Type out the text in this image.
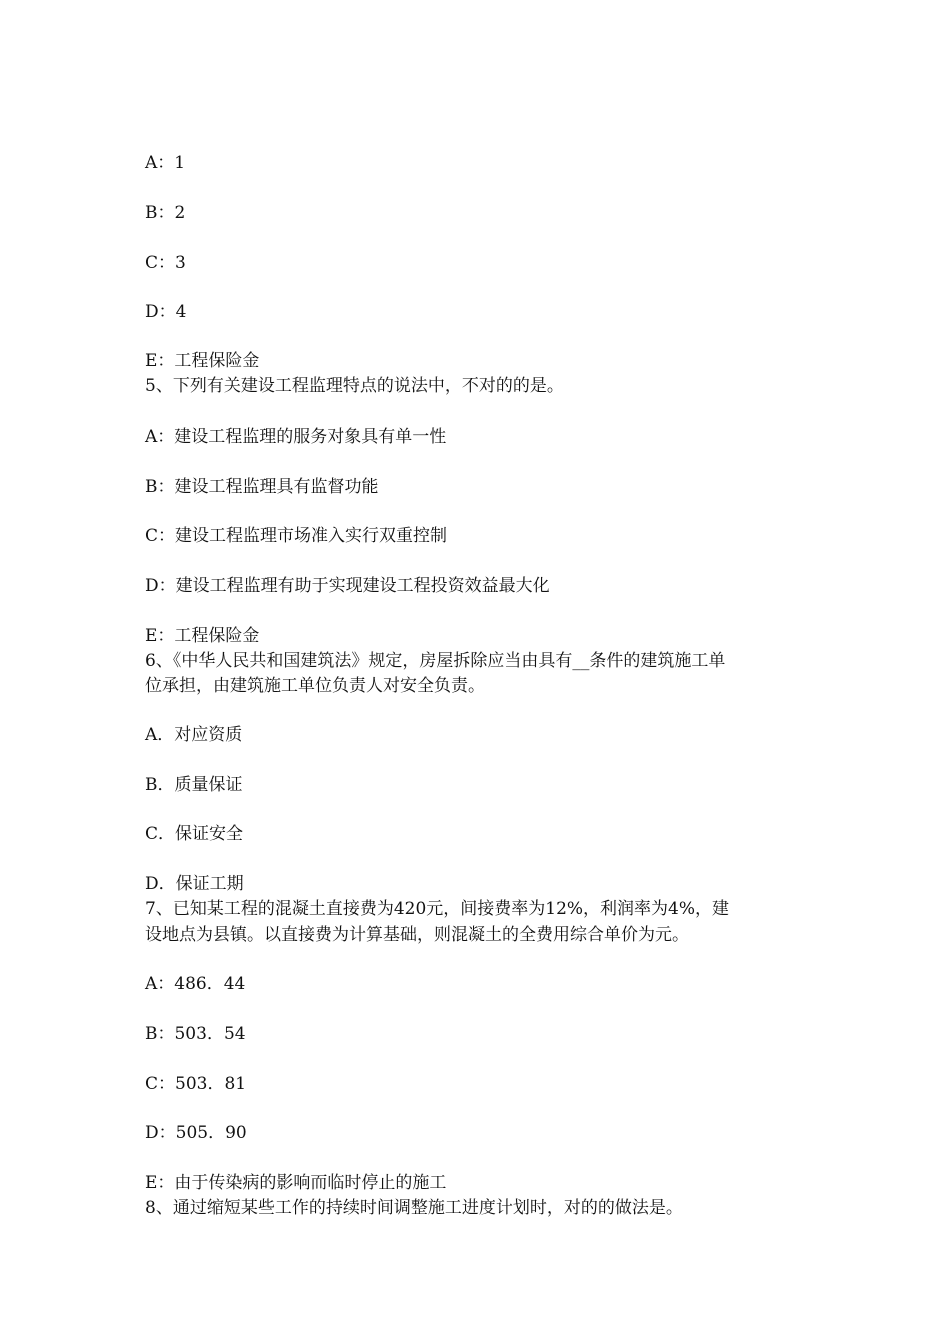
A：1
B：2
C：3
D：4
E：工程保险金
5、下列有关建设工程监理特点的说法中，不对的的是。
A：建设工程监理的服务对象具有单一性
B：建设工程监理具有监督功能
C：建设工程监理市场准入实行双重控制
D：建设工程监理有助于实现建设工程投资效益最大化
E：工程保险金
6、《中华人民共和国建筑法》规定，房屋拆除应当由具有__条件的建筑施工单
位承担，由建筑施工单位负责人对安全负责。
A．对应资质
B．质量保证
C．保证安全
D．保证工期
7、已知某工程的混凝土直接费为420元，间接费率为12%，利润率为4%，建
设地点为县镇。以直接费为计算基础，则混凝土的全费用综合单价为元。
A：486．44
B：503．54
C：503．81
D：505．90
E：由于传染病的影响而临时停止的施工
8、通过缩短某些工作的持续时间调整施工进度计划时，对的的做法是。
